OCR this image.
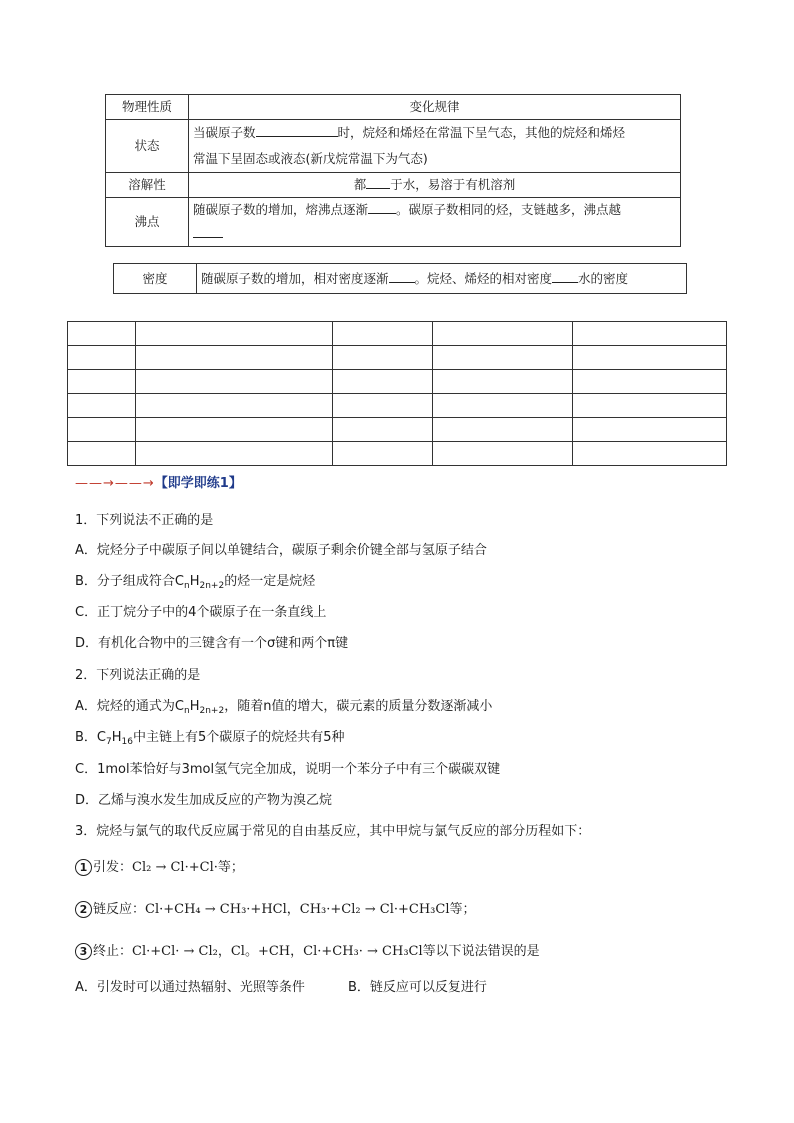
物理性质	变化规律
状态	当碳原子数 时，烷烃和烯烃在常温下呈气态，其他的烷烃和烯烃
常温下呈固态或液态(新戊烷常温下为气态)
溶解性	都 于水，易溶于有机溶剂
沸点	随碳原子数的增加，熔沸点逐渐 。碳原子数相同的烃，支链越多，沸点越

密度	随碳原子数的增加，相对密度逐渐 。烷烃、烯烃的相对密度 水的密度

——→——→【即学即练1】
1．下列说法不正确的是
A．烷烃分子中碳原子间以单键结合，碳原子剩余价键全部与氢原子结合
B．分子组成符合$C_nH_{2n+2}$的烃一定是烷烃
C．正丁烷分子中的4个碳原子在一条直线上
D．有机化合物中的三键含有一个σ键和两个π键
2．下列说法正确的是
A．烷烃的通式为$C_nH_{2n+2}$，随着n值的增大，碳元素的质量分数逐渐减小
B．$C_7H_{16}$中主链上有5个碳原子的烷烃共有5种
C．1mol苯恰好与3mol氢气完全加成，说明一个苯分子中有三个碳碳双键
D．乙烯与溴水发生加成反应的产物为溴乙烷
3．烷烃与氯气的取代反应属于常见的自由基反应，其中甲烷与氯气反应的部分历程如下：
1 引发：Cl₂ → Cl·+Cl·等；
2 链反应：Cl·+CH₄ → CH₃·+HCl，CH₃·+Cl₂ → Cl·+CH₃Cl等；
3 终止：Cl·+Cl· → Cl₂，Cl。+CH，Cl·+CH₃· → CH₃Cl等以下说法错误的是
A．引发时可以通过热辐射、光照等条件	B．链反应可以反复进行
